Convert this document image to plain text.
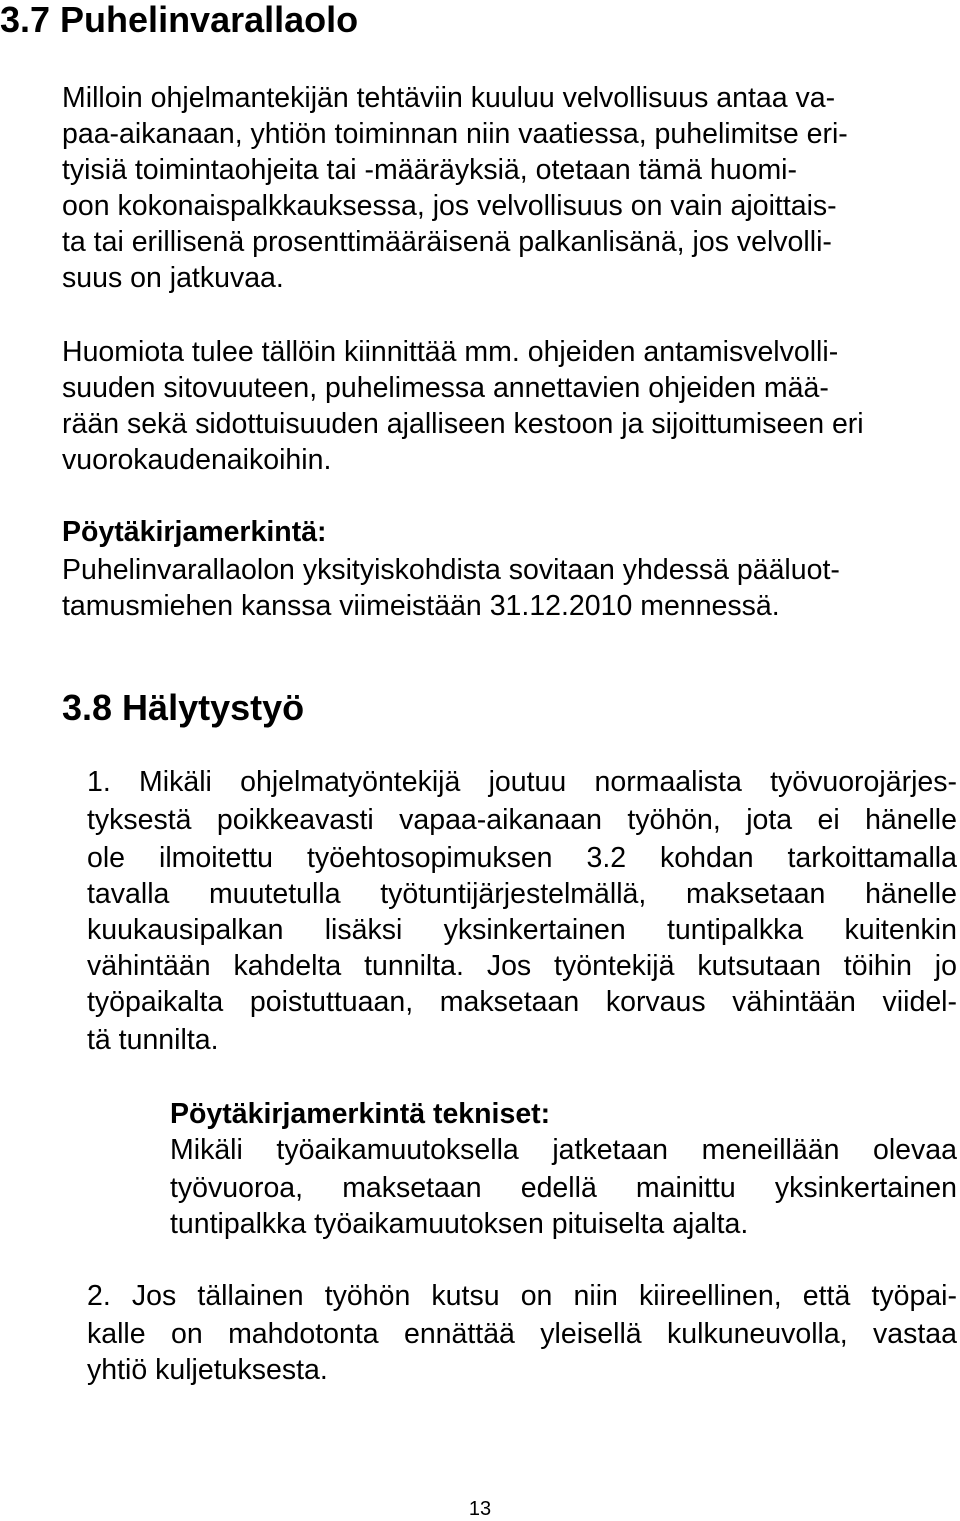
3.7 Puhelinvarallaolo
Milloin ohjelmantekijän tehtäviin kuuluu velvollisuus antaa va-
paa-aikanaan, yhtiön toiminnan niin vaatiessa, puhelimitse eri-
tyisiä toimintaohjeita tai -määräyksiä, otetaan tämä huomi-
oon kokonaispalkkauksessa, jos velvollisuus on vain ajoittais-
ta tai erillisenä prosenttimääräisenä palkanlisänä, jos velvolli-
suus on jatkuvaa.
Huomiota tulee tällöin kiinnittää mm. ohjeiden antamisvelvolli-
suuden sitovuuteen, puhelimessa annettavien ohjeiden mää-
rään sekä sidottuisuuden ajalliseen kestoon ja sijoittumiseen eri
vuorokaudenaikoihin.
Pöytäkirjamerkintä:
Puhelinvarallaolon yksityiskohdista sovitaan yhdessä pääluot-
tamusmiehen kanssa viimeistään 31.12.2010 mennessä.
3.8 Hälytystyö
1. Mikäli ohjelmatyöntekijä joutuu normaalista työvuorojärjes-
tyksestä poikkeavasti vapaa-aikanaan työhön, jota ei hänelle
ole ilmoitettu työehtosopimuksen 3.2 kohdan tarkoittamalla
tavalla muutetulla työtuntijärjestelmällä, maksetaan hänelle
kuukausipalkan lisäksi yksinkertainen tuntipalkka kuitenkin
vähintään kahdelta tunnilta. Jos työntekijä kutsutaan töihin jo
työpaikalta poistuttuaan, maksetaan korvaus vähintään viidel-
tä tunnilta.
Pöytäkirjamerkintä tekniset:
Mikäli työaikamuutoksella jatketaan meneillään olevaa
työvuoroa, maksetaan edellä mainittu yksinkertainen
tuntipalkka työaikamuutoksen pituiselta ajalta.
2. Jos tällainen työhön kutsu on niin kiireellinen, että työpai-
kalle on mahdotonta ennättää yleisellä kulkuneuvolla, vastaa
yhtiö kuljetuksesta.
13
